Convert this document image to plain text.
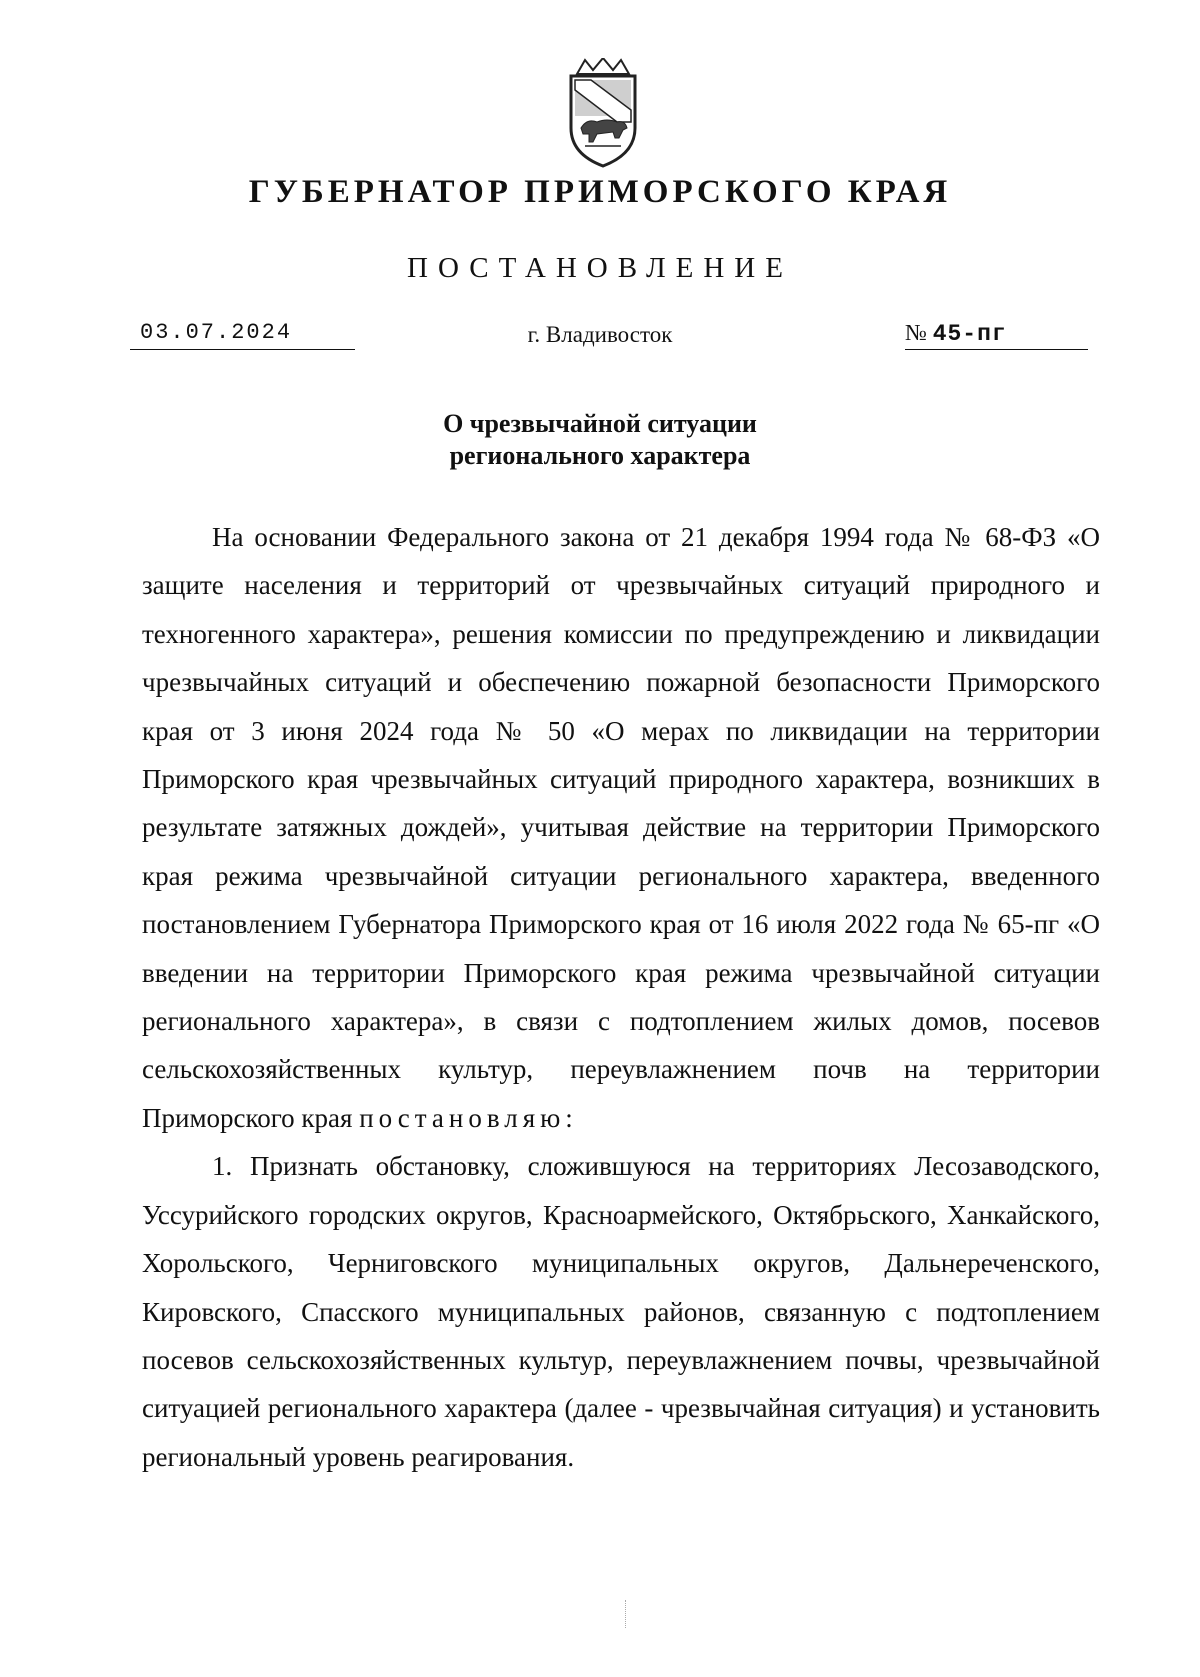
ГУБЕРНАТОР ПРИМОРСКОГО КРАЯ
ПОСТАНОВЛЕНИЕ
03.07.2024	г. Владивосток	№ 45-пг
О чрезвычайной ситуации
регионального характера

На основании Федерального закона от 21 декабря 1994 года № 68-ФЗ «О защите населения и территорий от чрезвычайных ситуаций природного и техногенного характера», решения комиссии по предупреждению и ликвидации чрезвычайных ситуаций и обеспечению пожарной безопасности Приморского края от 3 июня 2024 года № 50 «О мерах по ликвидации на территории Приморского края чрезвычайных ситуаций природного характера, возникших в результате затяжных дождей», учитывая действие на территории Приморского края режима чрезвычайной ситуации регионального характера, введенного постановлением Губернатора Приморского края от 16 июля 2022 года № 65-пг «О введении на территории Приморского края режима чрезвычайной ситуации регионального характера», в связи с подтоплением жилых домов, посевов сельскохозяйственных культур, переувлажнением почв на территории Приморского края постановляю:

1. Признать обстановку, сложившуюся на территориях Лесозаводского, Уссурийского городских округов, Красноармейского, Октябрьского, Ханкайского, Хорольского, Черниговского муниципальных округов, Дальнереченского, Кировского, Спасского муниципальных районов, связанную с подтоплением посевов сельскохозяйственных культур, переувлажнением почвы, чрезвычайной ситуацией регионального характера (далее - чрезвычайная ситуация) и установить региональный уровень реагирования.
